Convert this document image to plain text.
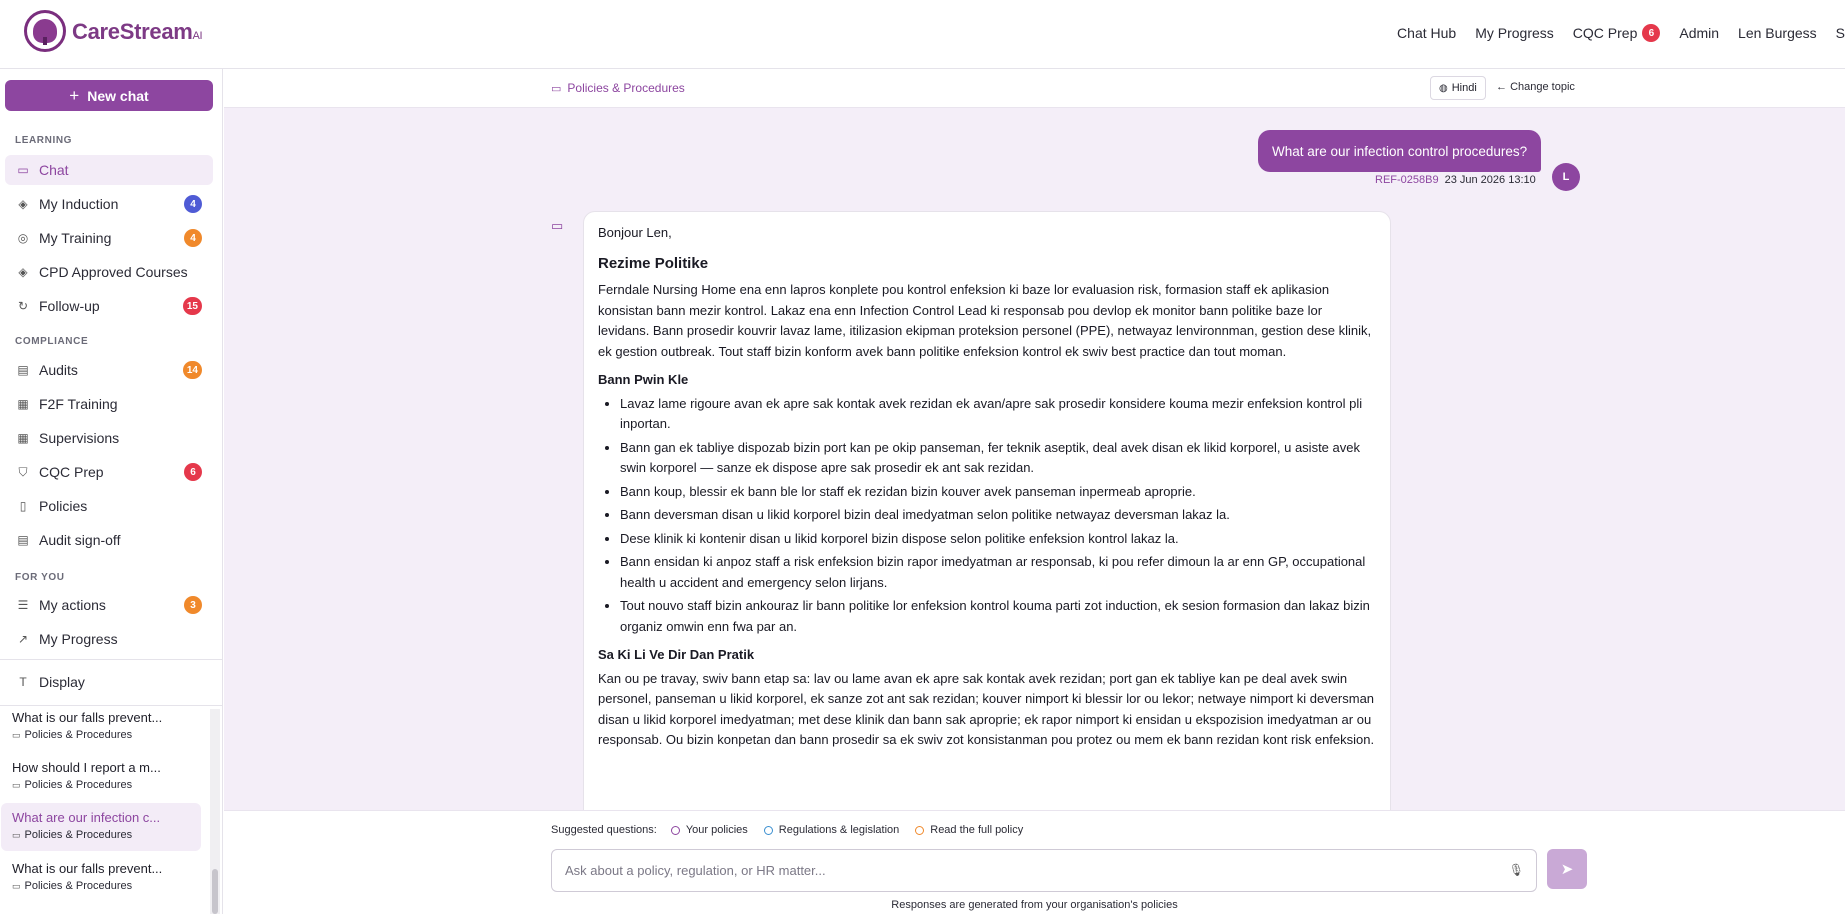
CareStreamAI	Chat Hub My Progress CQC Prep	6	Admin Len Burgess S
+ New chat
LEARNING
▭ Chat
◈ My Induction	4
◎ My Training	4
◈ CPD Approved Courses
↻ Follow-up	15
COMPLIANCE
▤ Audits	14
▦ F2F Training
▦ Supervisions
⛉ CQC Prep	6
▯ Policies
▤ Audit sign-off
FOR YOU
☰ My actions	3
↗ My Progress
T Display
What is our falls prevent...
▭ Policies & Procedures
How should I report a m...
▭ Policies & Procedures
What are our infection c...
▭ Policies & Procedures
What is our falls prevent...
▭ Policies & Procedures
▭ Policies & Procedures	◍ Hindi ← Change topic
What are our infection control procedures?
REF-0258B9 23 Jun 2026 13:10	L
▭	Bonjour Len,

Rezime Politike

Ferndale Nursing Home ena enn lapros konplete pou kontrol enfeksion ki baze lor evaluasion risk, formasion staff ek aplikasion konsistan bann mezir kontrol. Lakaz ena enn Infection Control Lead ki responsab pou devlop ek monitor bann politike baze lor levidans. Bann prosedir kouvrir lavaz lame, itilizasion ekipman proteksion personel (PPE), netwayaz lenvironnman, gestion dese klinik, ek gestion outbreak. Tout staff bizin konform avek bann politike enfeksion kontrol ek swiv best practice dan tout moman.

Bann Pwin Kle
• Lavaz lame rigoure avan ek apre sak kontak avek rezidan ek avan/apre sak prosedir konsidere kouma mezir enfeksion kontrol pli inportan.
• Bann gan ek tabliye dispozab bizin port kan pe okip panseman, fer teknik aseptik, deal avek disan ek likid korporel, u asiste avek swin korporel — sanze ek dispose apre sak prosedir ek ant sak rezidan.
• Bann koup, blessir ek bann ble lor staff ek rezidan bizin kouver avek panseman inpermeab aproprie.
• Bann deversman disan u likid korporel bizin deal imedyatman selon politike netwayaz deversman lakaz la.
• Dese klinik ki kontenir disan u likid korporel bizin dispose selon politike enfeksion kontrol lakaz la.
• Bann ensidan ki anpoz staff a risk enfeksion bizin rapor imedyatman ar responsab, ki pou refer dimoun la ar enn GP, occupational health u accident and emergency selon lirjans.
• Tout nouvo staff bizin ankouraz lir bann politike lor enfeksion kontrol kouma parti zot induction, ek sesion formasion dan lakaz bizin organiz omwin enn fwa par an.
Sa Ki Li Ve Dir Dan Pratik

Kan ou pe travay, swiv bann etap sa: lav ou lame avan ek apre sak kontak avek rezidan; port gan ek tabliye kan pe deal avek swin personel, panseman u likid korporel, ek sanze zot ant sak rezidan; kouver nimport ki blessir lor ou lekor; netwaye nimport ki deversman disan u likid korporel imedyatman; met dese klinik dan bann sak aproprie; ek rapor nimport ki ensidan u ekspozision imedyatman ar ou responsab. Ou bizin konpetan dan bann prosedir sa ek swiv zot konsistanman pou protez ou mem ek bann rezidan kont risk enfeksion.

Suggested questions:	Your policies	Regulations & legislation	Read the full policy
Ask about a policy, regulation, or HR matter...	🎙 ➤
Responses are generated from your organisation's policies
